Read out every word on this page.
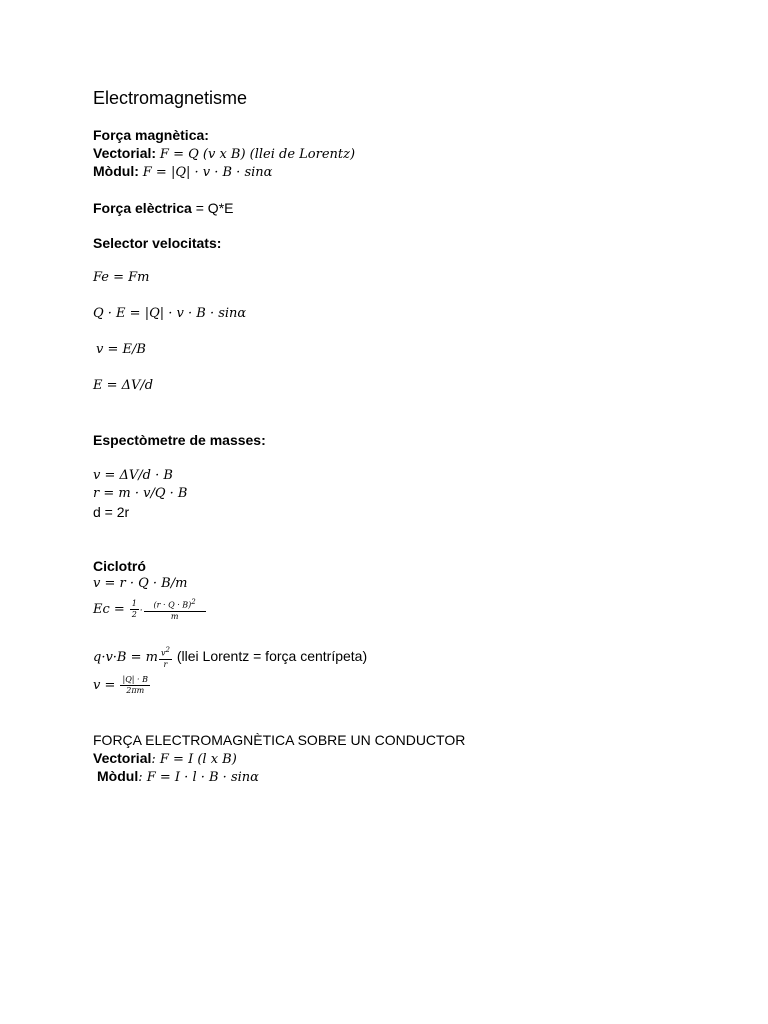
Electromagnetisme
Força magnètica:
Vectorial: F = Q (v x B) (llei de Lorentz)
Mòdul: F = |Q| · v · B · sinα
Força elèctrica = Q*E
Selector velocitats:
Fe = Fm
Q · E = |Q| · v · B · sinα
v = E/B
E = ΔV/d
Espectòmetre de masses:
v = ΔV/d · B
r = m · v/Q · B
d = 2r
Ciclotró
v = r · Q · B/m
$Ec = \frac{1}{2} \cdot \frac{(r \cdot Q \cdot B)2}{m}$
q·v·B = m $\frac{v2}{r}$ (llei Lorentz = força centrípeta)
$v = \frac{|Q| \cdot B}{2\pi m}$
FORÇA ELECTROMAGNÈTICA SOBRE UN CONDUCTOR
Vectorial: F = I (l x B)
Mòdul: F = I · l · B · sinα
